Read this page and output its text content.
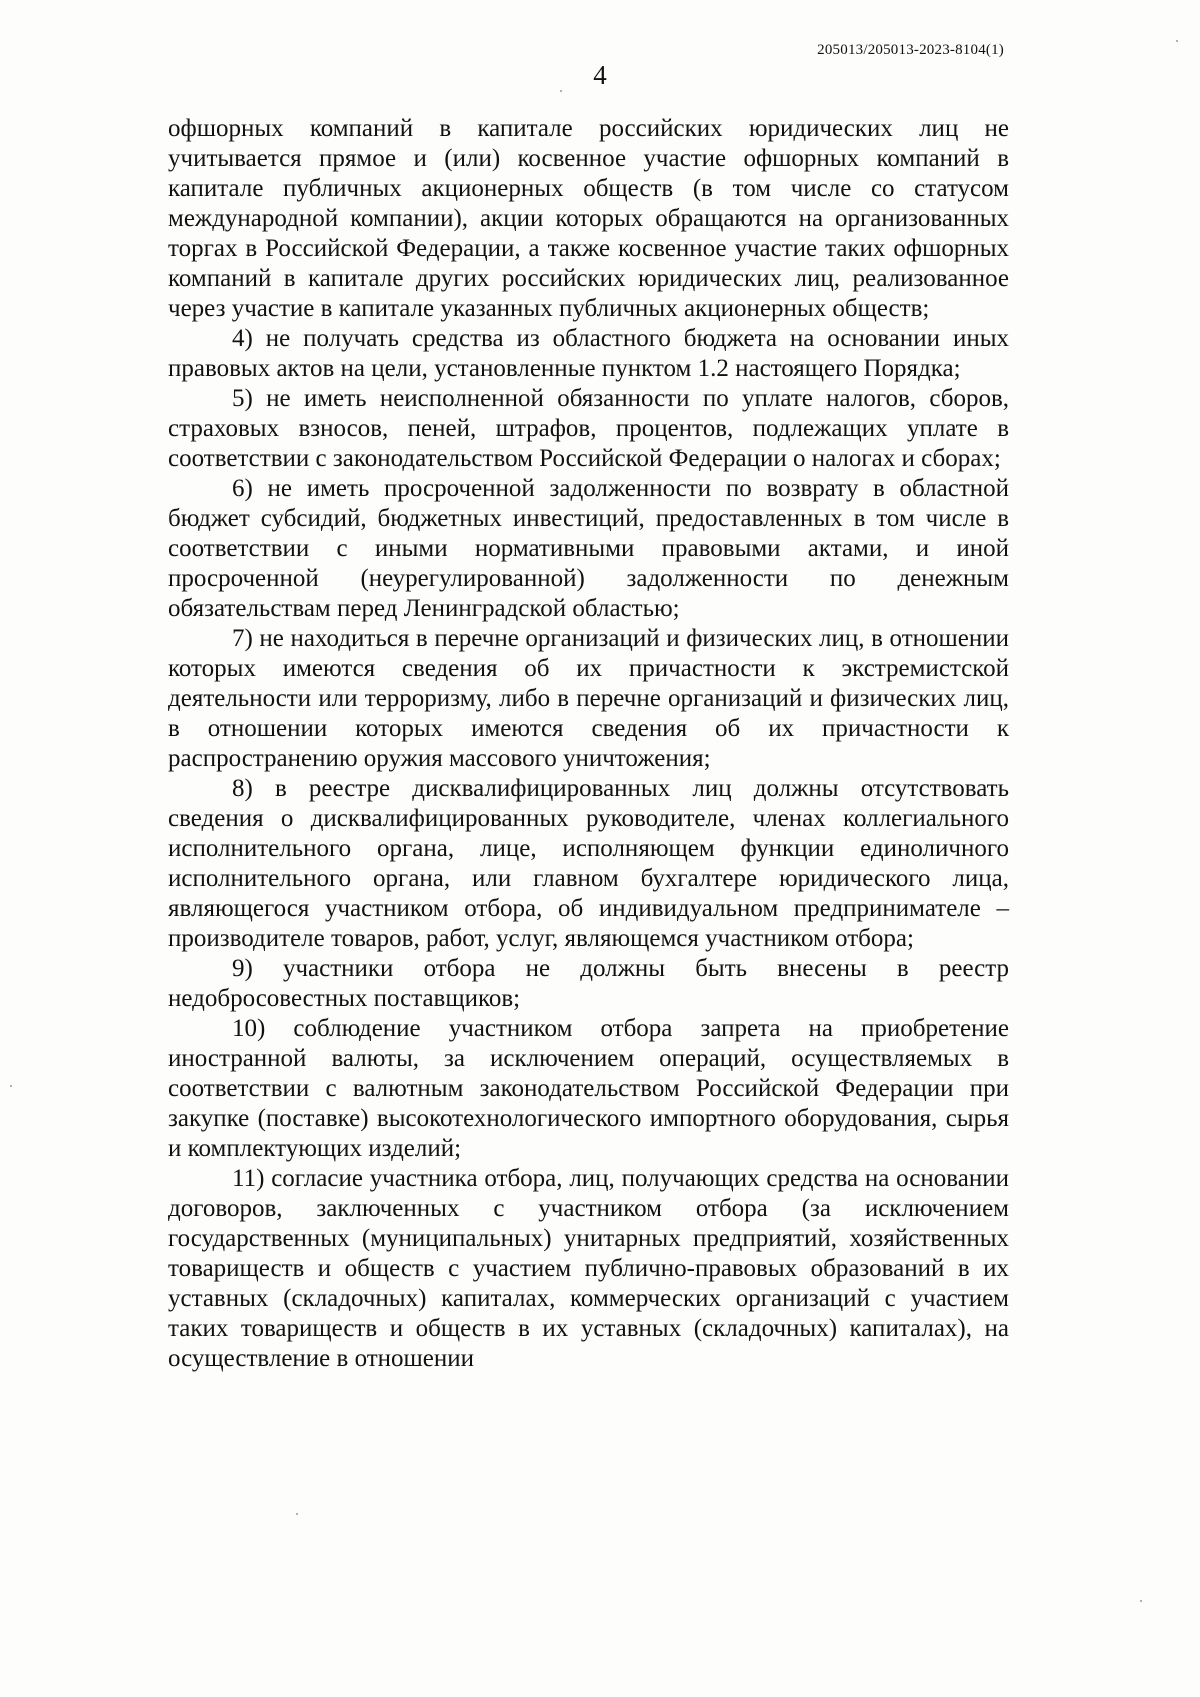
205013/205013-2023-8104(1)
4

офшорных компаний в капитале российских юридических лиц не учитывается прямое и (или) косвенное участие офшорных компаний в капитале публичных акционерных обществ (в том числе со статусом международной компании), акции которых обращаются на организованных торгах в Российской Федерации, а также косвенное участие таких офшорных компаний в капитале других российских юридических лиц, реализованное через участие в капитале указанных публичных акционерных обществ;

4) не получать средства из областного бюджета на основании иных правовых актов на цели, установленные пунктом 1.2 настоящего Порядка;

5) не иметь неисполненной обязанности по уплате налогов, сборов, страховых взносов, пеней, штрафов, процентов, подлежащих уплате в соответствии с законодательством Российской Федерации о налогах и сборах;

6) не иметь просроченной задолженности по возврату в областной бюджет субсидий, бюджетных инвестиций, предоставленных в том числе в соответствии с иными нормативными правовыми актами, и иной просроченной (неурегулированной) задолженности по денежным обязательствам перед Ленинградской областью;

7) не находиться в перечне организаций и физических лиц, в отношении которых имеются сведения об их причастности к экстремистской деятельности или терроризму, либо в перечне организаций и физических лиц, в отношении которых имеются сведения об их причастности к распространению оружия массового уничтожения;

8) в реестре дисквалифицированных лиц должны отсутствовать сведения о дисквалифицированных руководителе, членах коллегиального исполнительного органа, лице, исполняющем функции единоличного исполнительного органа, или главном бухгалтере юридического лица, являющегося участником отбора, об индивидуальном предпринимателе – производителе товаров, работ, услуг, являющемся участником отбора;

9) участники отбора не должны быть внесены в реестр недобросовестных поставщиков;

10) соблюдение участником отбора запрета на приобретение иностранной валюты, за исключением операций, осуществляемых в соответствии с валютным законодательством Российской Федерации при закупке (поставке) высокотехнологического импортного оборудования, сырья и комплектующих изделий;

11) согласие участника отбора, лиц, получающих средства на основании договоров, заключенных с участником отбора (за исключением государственных (муниципальных) унитарных предприятий, хозяйственных товариществ и обществ с участием публично-правовых образований в их уставных (складочных) капиталах, коммерческих организаций с участием таких товариществ и обществ в их уставных (складочных) капиталах), на осуществление в отношении
